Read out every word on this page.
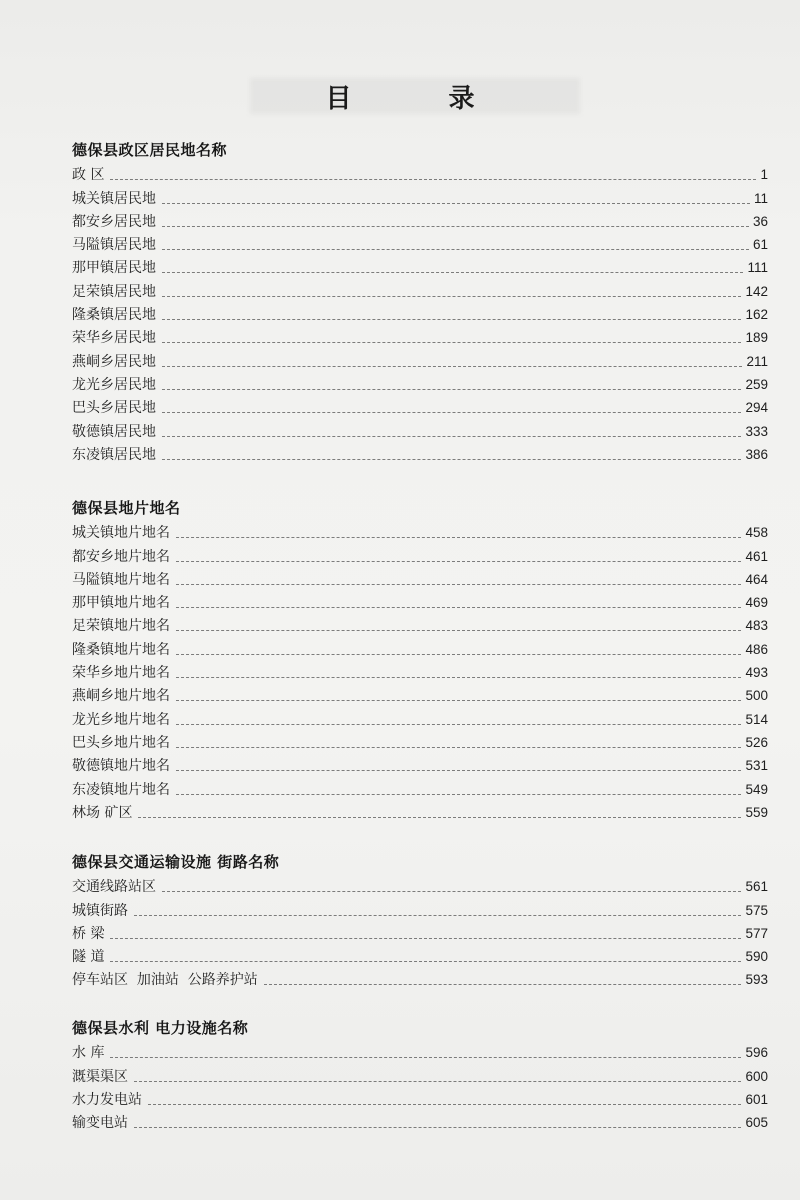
目 录
德保县政区居民地名称
政 区	1
城关镇居民地	11
都安乡居民地	36
马隘镇居民地	61
那甲镇居民地	111
足荣镇居民地	142
隆桑镇居民地	162
荣华乡居民地	189
燕峒乡居民地	211
龙光乡居民地	259
巴头乡居民地	294
敬德镇居民地	333
东凌镇居民地	386
德保县地片地名
城关镇地片地名	458
都安乡地片地名	461
马隘镇地片地名	464
那甲镇地片地名	469
足荣镇地片地名	483
隆桑镇地片地名	486
荣华乡地片地名	493
燕峒乡地片地名	500
龙光乡地片地名	514
巴头乡地片地名	526
敬德镇地片地名	531
东凌镇地片地名	549
林场 矿区	559
德保县交通运输设施 街路名称
交通线路站区	561
城镇街路	575
桥 梁	577
隧 道	590
停车站区  加油站  公路养护站	593
德保县水利 电力设施名称
水 库	596
溉渠渠区	600
水力发电站	601
输变电站	605
